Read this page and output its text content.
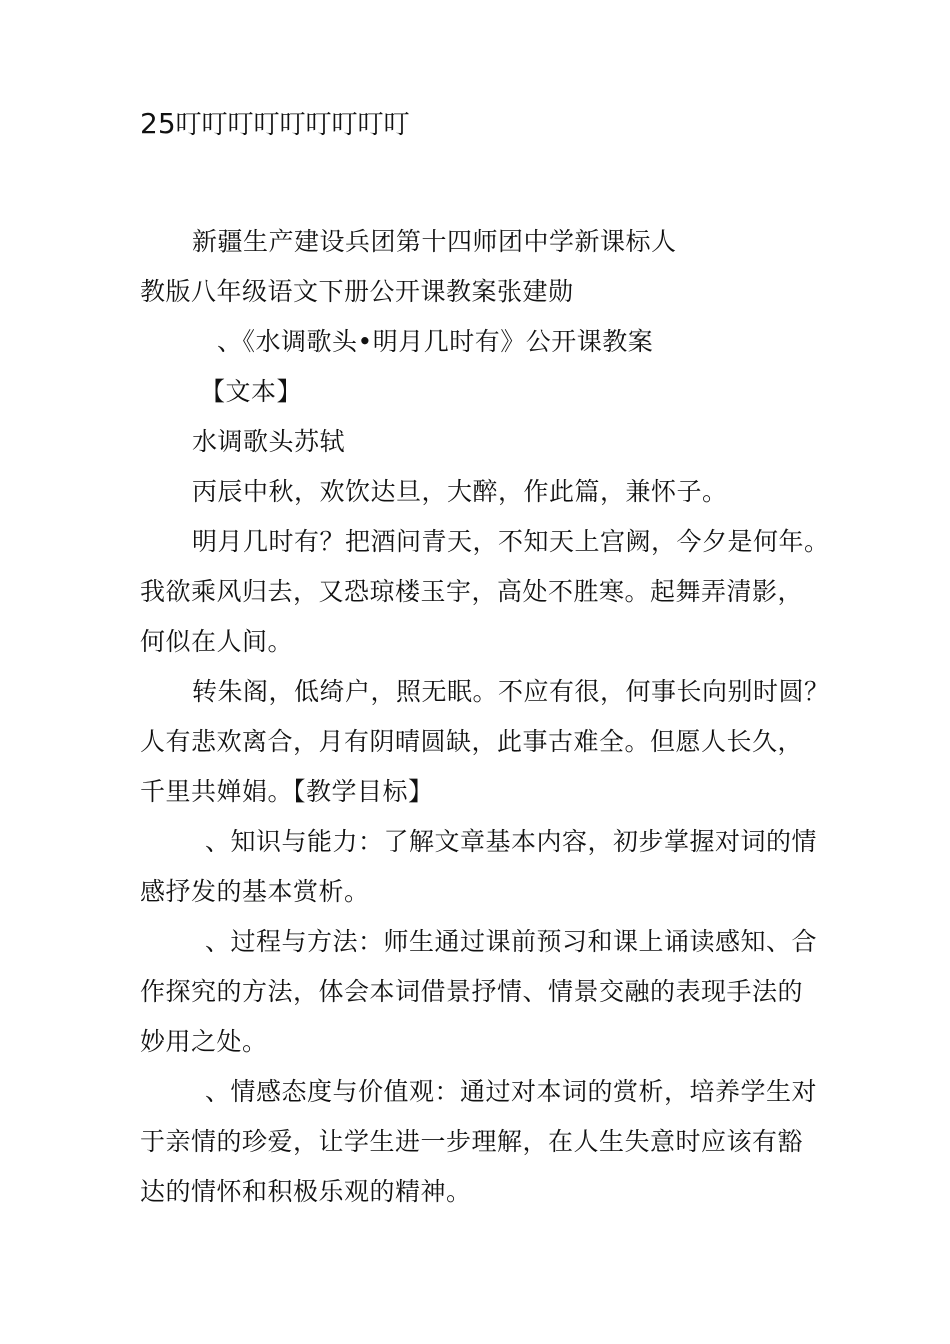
25叮叮叮叮叮叮叮叮叮
新疆生产建设兵团第十四师团中学新课标人
教版八年级语文下册公开课教案张建勋
、《水调歌头•明月几时有》公开课教案
【文本】
水调歌头苏轼
丙辰中秋，欢饮达旦，大醉，作此篇，兼怀子。
明月几时有？把酒问青天，不知天上宫阙，今夕是何年。
我欲乘风归去，又恐琼楼玉宇，高处不胜寒。起舞弄清影，
何似在人间。
转朱阁，低绮户，照无眠。不应有很，何事长向别时圆？
人有悲欢离合，月有阴晴圆缺，此事古难全。但愿人长久，
千里共婵娟。【教学目标】
、知识与能力：了解文章基本内容，初步掌握对词的情
感抒发的基本赏析。
、过程与方法：师生通过课前预习和课上诵读感知、合
作探究的方法，体会本词借景抒情、情景交融的表现手法的
妙用之处。
、情感态度与价值观：通过对本词的赏析，培养学生对
于亲情的珍爱，让学生进一步理解，在人生失意时应该有豁
达的情怀和积极乐观的精神。
